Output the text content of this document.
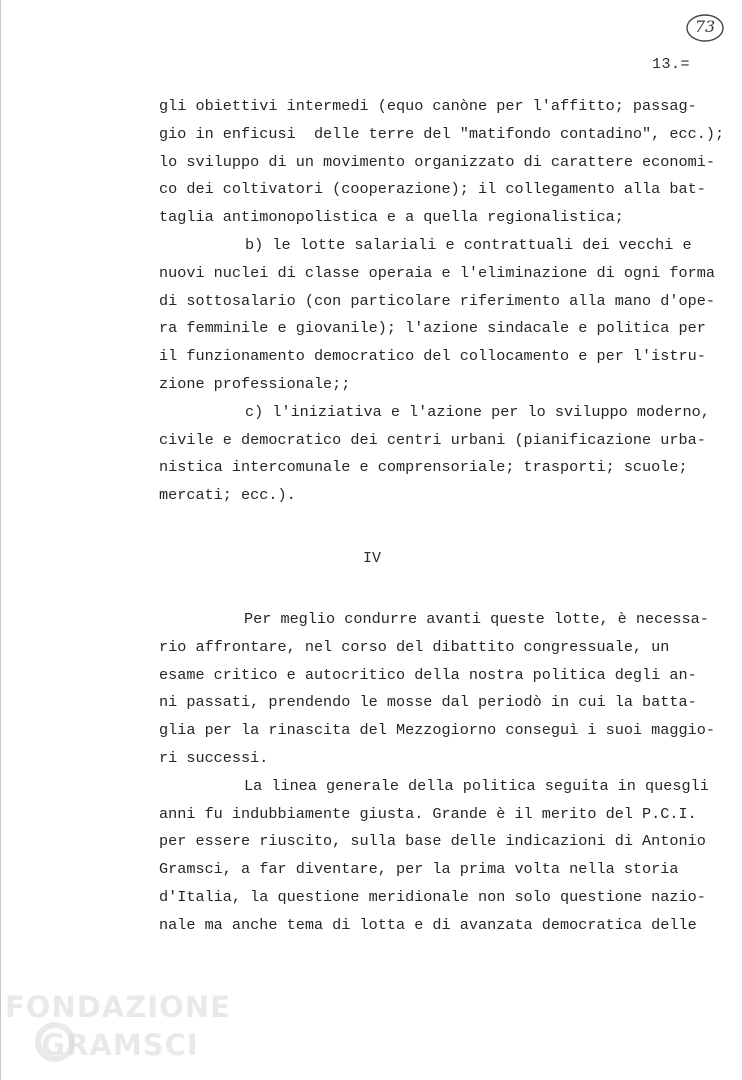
73
13.=

gli obiettivi intermedi (equo canòne per l'affitto; passag-
gio in enficusi  delle terre del "matifondo contadino", ecc.);
lo sviluppo di un movimento organizzato di carattere economi-
co dei coltivatori (cooperazione); il collegamento alla bat-
taglia antimonopolistica e a quella regionalistica;

b) le lotte salariali e contrattuali dei vecchi e
nuovi nuclei di classe operaia e l'eliminazione di ogni forma
di sottosalario (con particolare riferimento alla mano d'ope-
ra femminile e giovanile); l'azione sindacale e politica per
il funzionamento democratico del collocamento e per l'istru-
zione professionale;;

c) l'iniziativa e l'azione per lo sviluppo moderno,
civile e democratico dei centri urbani (pianificazione urba-
nistica intercomunale e comprensoriale; trasporti; scuole;
mercati; ecc.).

IV

Per meglio condurre avanti queste lotte, è necessa-
rio affrontare, nel corso del dibattito congressuale, un
esame critico e autocritico della nostra politica degli an-
ni passati, prendendo le mosse dal periodò in cui la batta-
glia per la rinascita del Mezzogiorno conseguì i suoi maggio-
ri successi.

La linea generale della politica seguita in quesgli
anni fu indubbiamente giusta. Grande è il merito del P.C.I.
per essere riuscito, sulla base delle indicazioni di Antonio
Gramsci, a far diventare, per la prima volta nella storia
d'Italia, la questione meridionale non solo questione nazio-
nale ma anche tema di lotta e di avanzata democratica delle

FONDAZIONE
GRAMSCI
